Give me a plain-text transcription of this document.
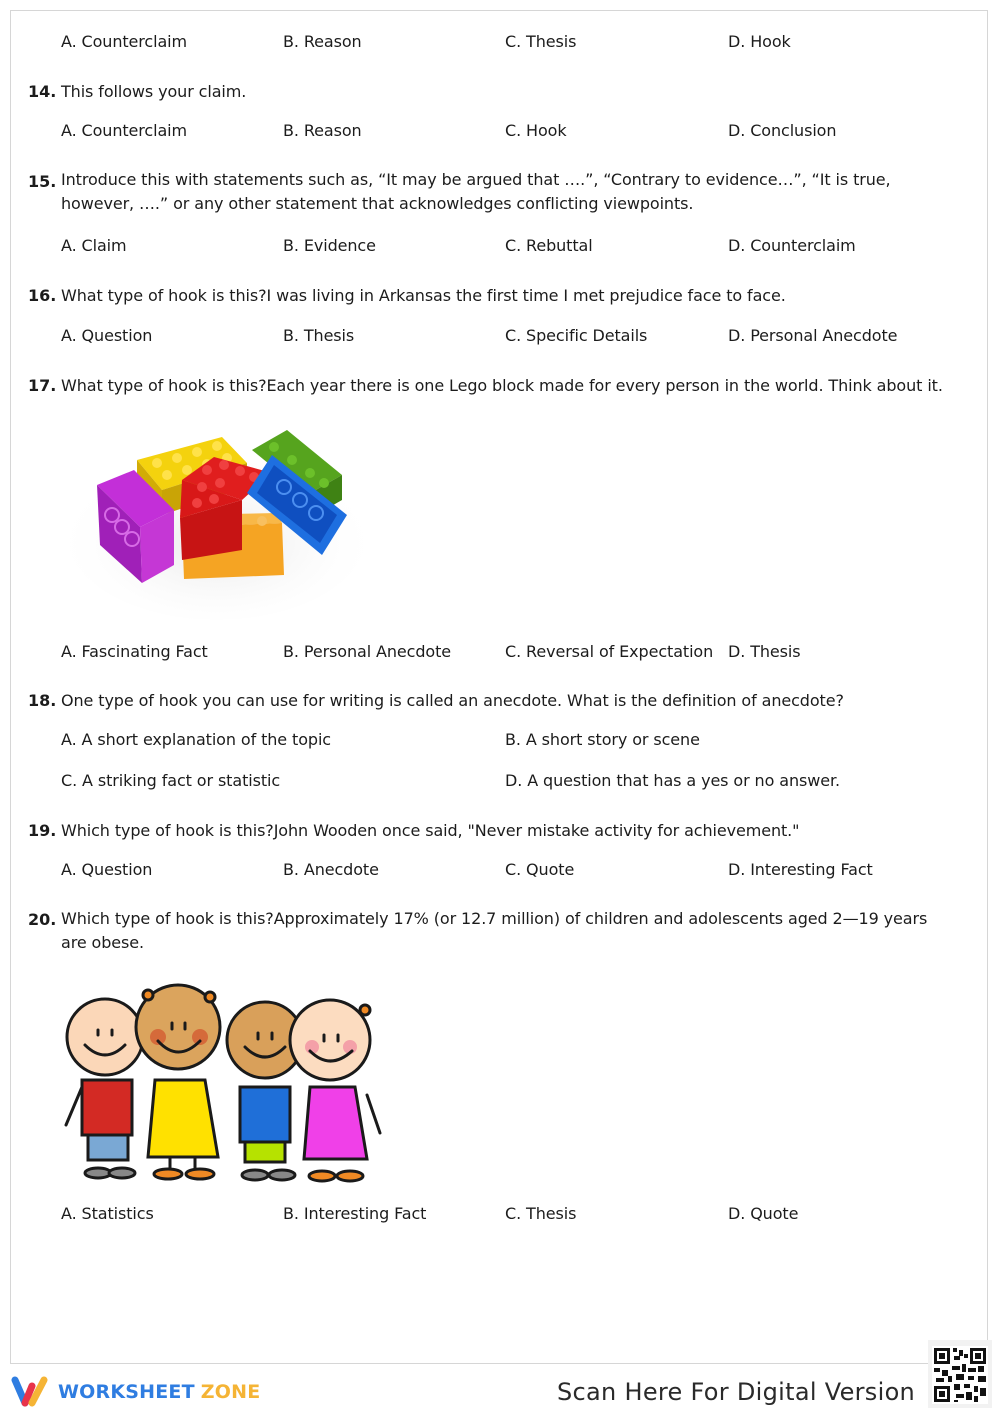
A. Counterclaim	B. Reason	C. Thesis	D. Hook
14. This follows your claim.
A. Counterclaim	B. Reason	C. Hook	D. Conclusion
15. Introduce this with statements such as, “It may be argued that ….”, “Contrary to evidence…”, “It is true, however, ….” or any other statement that acknowledges conflicting viewpoints.
A. Claim	B. Evidence	C. Rebuttal	D. Counterclaim
16. What type of hook is this?I was living in Arkansas the first time I met prejudice face to face.
A. Question	B. Thesis	C. Specific Details	D. Personal Anecdote
17. What type of hook is this?Each year there is one Lego block made for every person in the world. Think about it.
A. Fascinating Fact	B. Personal Anecdote	C. Reversal of Expectation D. Thesis
18. One type of hook you can use for writing is called an anecdote. What is the definition of anecdote?
A. A short explanation of the topic	B. A short story or scene
C. A striking fact or statistic	D. A question that has a yes or no answer.
19. Which type of hook is this?John Wooden once said, "Never mistake activity for achievement."
A. Question	B. Anecdote	C. Quote	D. Interesting Fact
20. Which type of hook is this?Approximately 17% (or 12.7 million) of children and adolescents aged 2—19 years are obese.
A. Statistics	B. Interesting Fact	C. Thesis	D. Quote
WORKSHEET ZONE	Scan Here For Digital Version
